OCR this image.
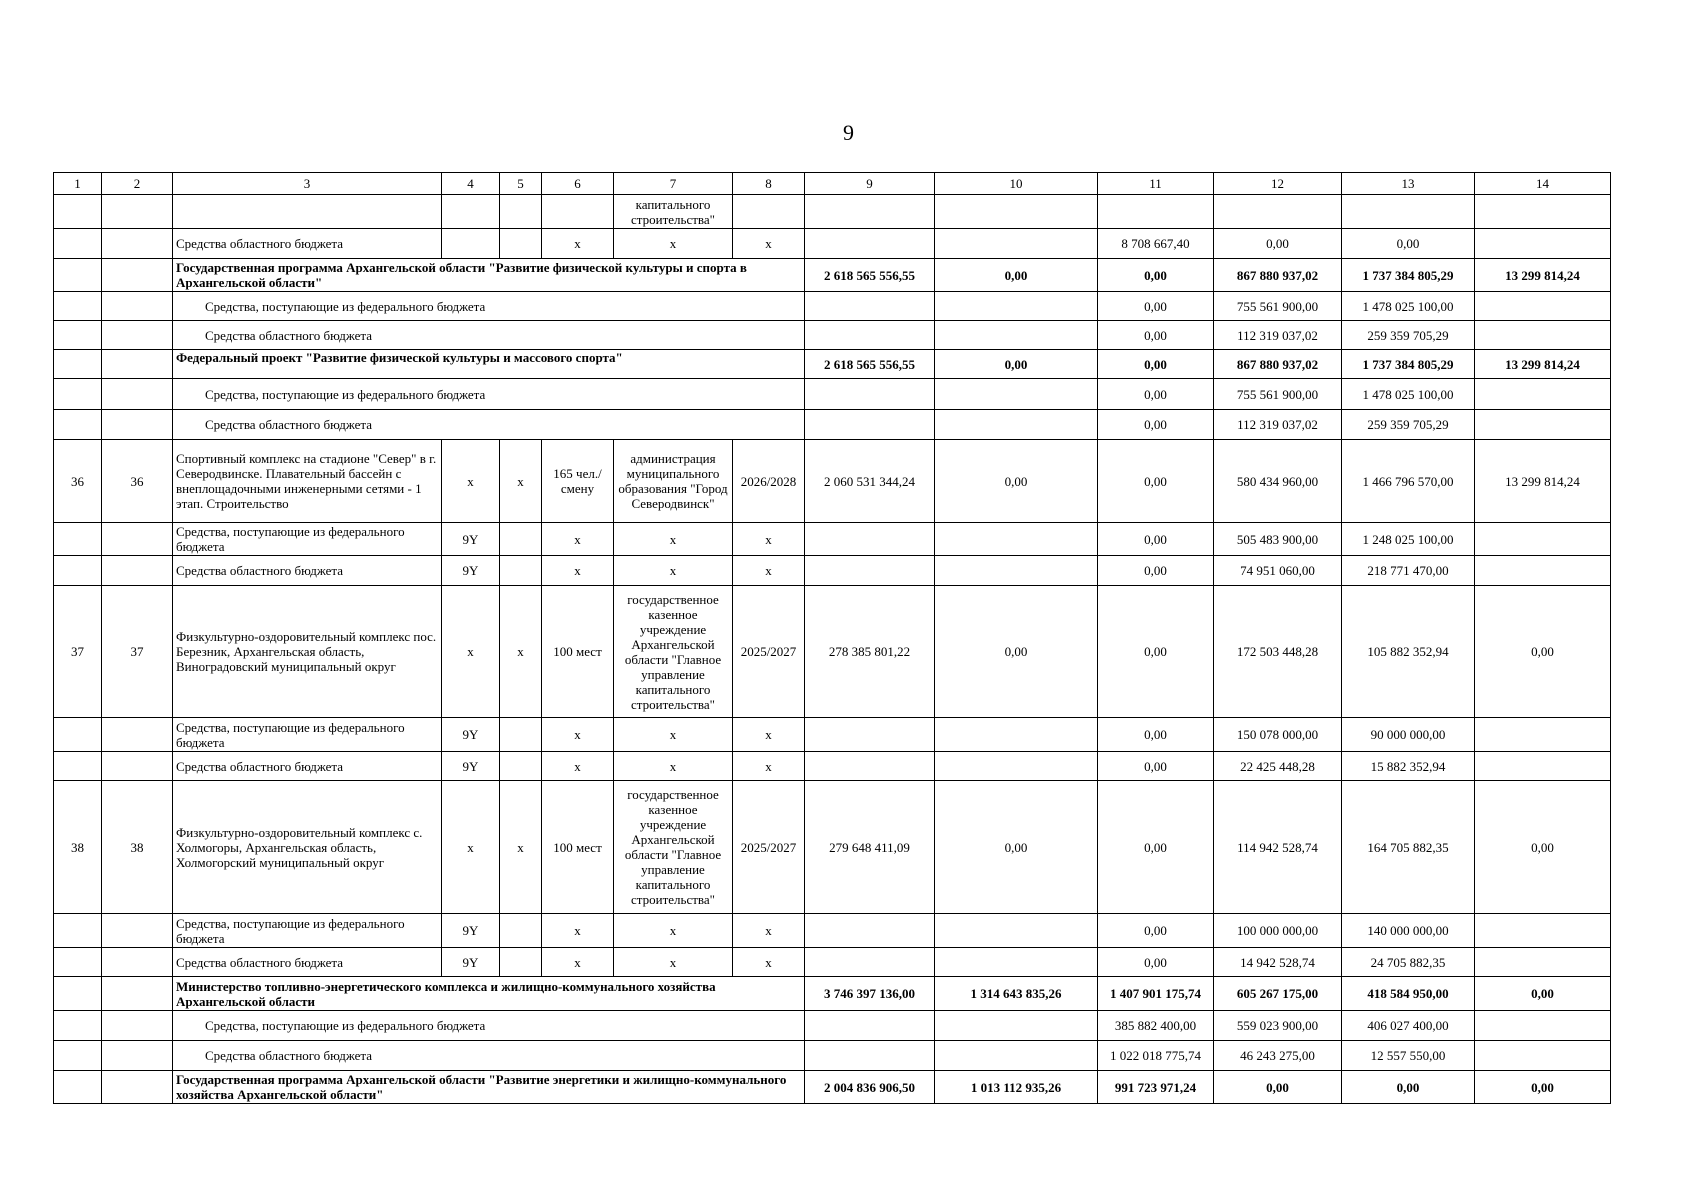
9
1	2	3	4	5	6	7	8	9	10	11	12	13	14
						капитального строительства"							
		Средства областного бюджета			х	х	х			8 708 667,40	0,00	0,00	
		Государственная программа Архангельской области "Развитие физической культуры и спорта в Архангельской области"						2 618 565 556,55	0,00	0,00	867 880 937,02	1 737 384 805,29	13 299 814,24
		Средства, поступающие из федерального бюджета								0,00	755 561 900,00	1 478 025 100,00	
		Средства областного бюджета								0,00	112 319 037,02	259 359 705,29	
		Федеральный проект "Развитие физической культуры и массового спорта"						2 618 565 556,55	0,00	0,00	867 880 937,02	1 737 384 805,29	13 299 814,24
		Средства, поступающие из федерального бюджета								0,00	755 561 900,00	1 478 025 100,00	
		Средства областного бюджета								0,00	112 319 037,02	259 359 705,29	
36	36	Спортивный комплекс на стадионе "Север" в г. Северодвинске. Плавательный бассейн с внеплощадочными инженерными сетями - 1 этап. Строительство	х	х	165 чел./смену	администрация муниципального образования "Город Северодвинск"	2026/2028	2 060 531 344,24	0,00	0,00	580 434 960,00	1 466 796 570,00	13 299 814,24
		Средства, поступающие из федерального бюджета	9Y		х	х	х			0,00	505 483 900,00	1 248 025 100,00	
		Средства областного бюджета	9Y		х	х	х			0,00	74 951 060,00	218 771 470,00	
37	37	Физкультурно-оздоровительный комплекс пос. Березник, Архангельская область, Виноградовский муниципальный округ	х	х	100 мест	государственное казенное учреждение Архангельской области "Главное управление капитального строительства"	2025/2027	278 385 801,22	0,00	0,00	172 503 448,28	105 882 352,94	0,00
		Средства, поступающие из федерального бюджета	9Y		х	х	х			0,00	150 078 000,00	90 000 000,00	
		Средства областного бюджета	9Y		х	х	х			0,00	22 425 448,28	15 882 352,94	
38	38	Физкультурно-оздоровительный комплекс с. Холмогоры, Архангельская область, Холмогорский муниципальный округ	х	х	100 мест	государственное казенное учреждение Архангельской области "Главное управление капитального строительства"	2025/2027	279 648 411,09	0,00	0,00	114 942 528,74	164 705 882,35	0,00
		Средства, поступающие из федерального бюджета	9Y		х	х	х			0,00	100 000 000,00	140 000 000,00	
		Средства областного бюджета	9Y		х	х	х			0,00	14 942 528,74	24 705 882,35	
		Министерство топливно-энергетического комплекса и жилищно-коммунального хозяйства Архангельской области						3 746 397 136,00	1 314 643 835,26	1 407 901 175,74	605 267 175,00	418 584 950,00	0,00
		Средства, поступающие из федерального бюджета								385 882 400,00	559 023 900,00	406 027 400,00	
		Средства областного бюджета								1 022 018 775,74	46 243 275,00	12 557 550,00	
		Государственная программа Архангельской области "Развитие энергетики и жилищно-коммунального хозяйства Архангельской области"						2 004 836 906,50	1 013 112 935,26	991 723 971,24	0,00	0,00	0,00
